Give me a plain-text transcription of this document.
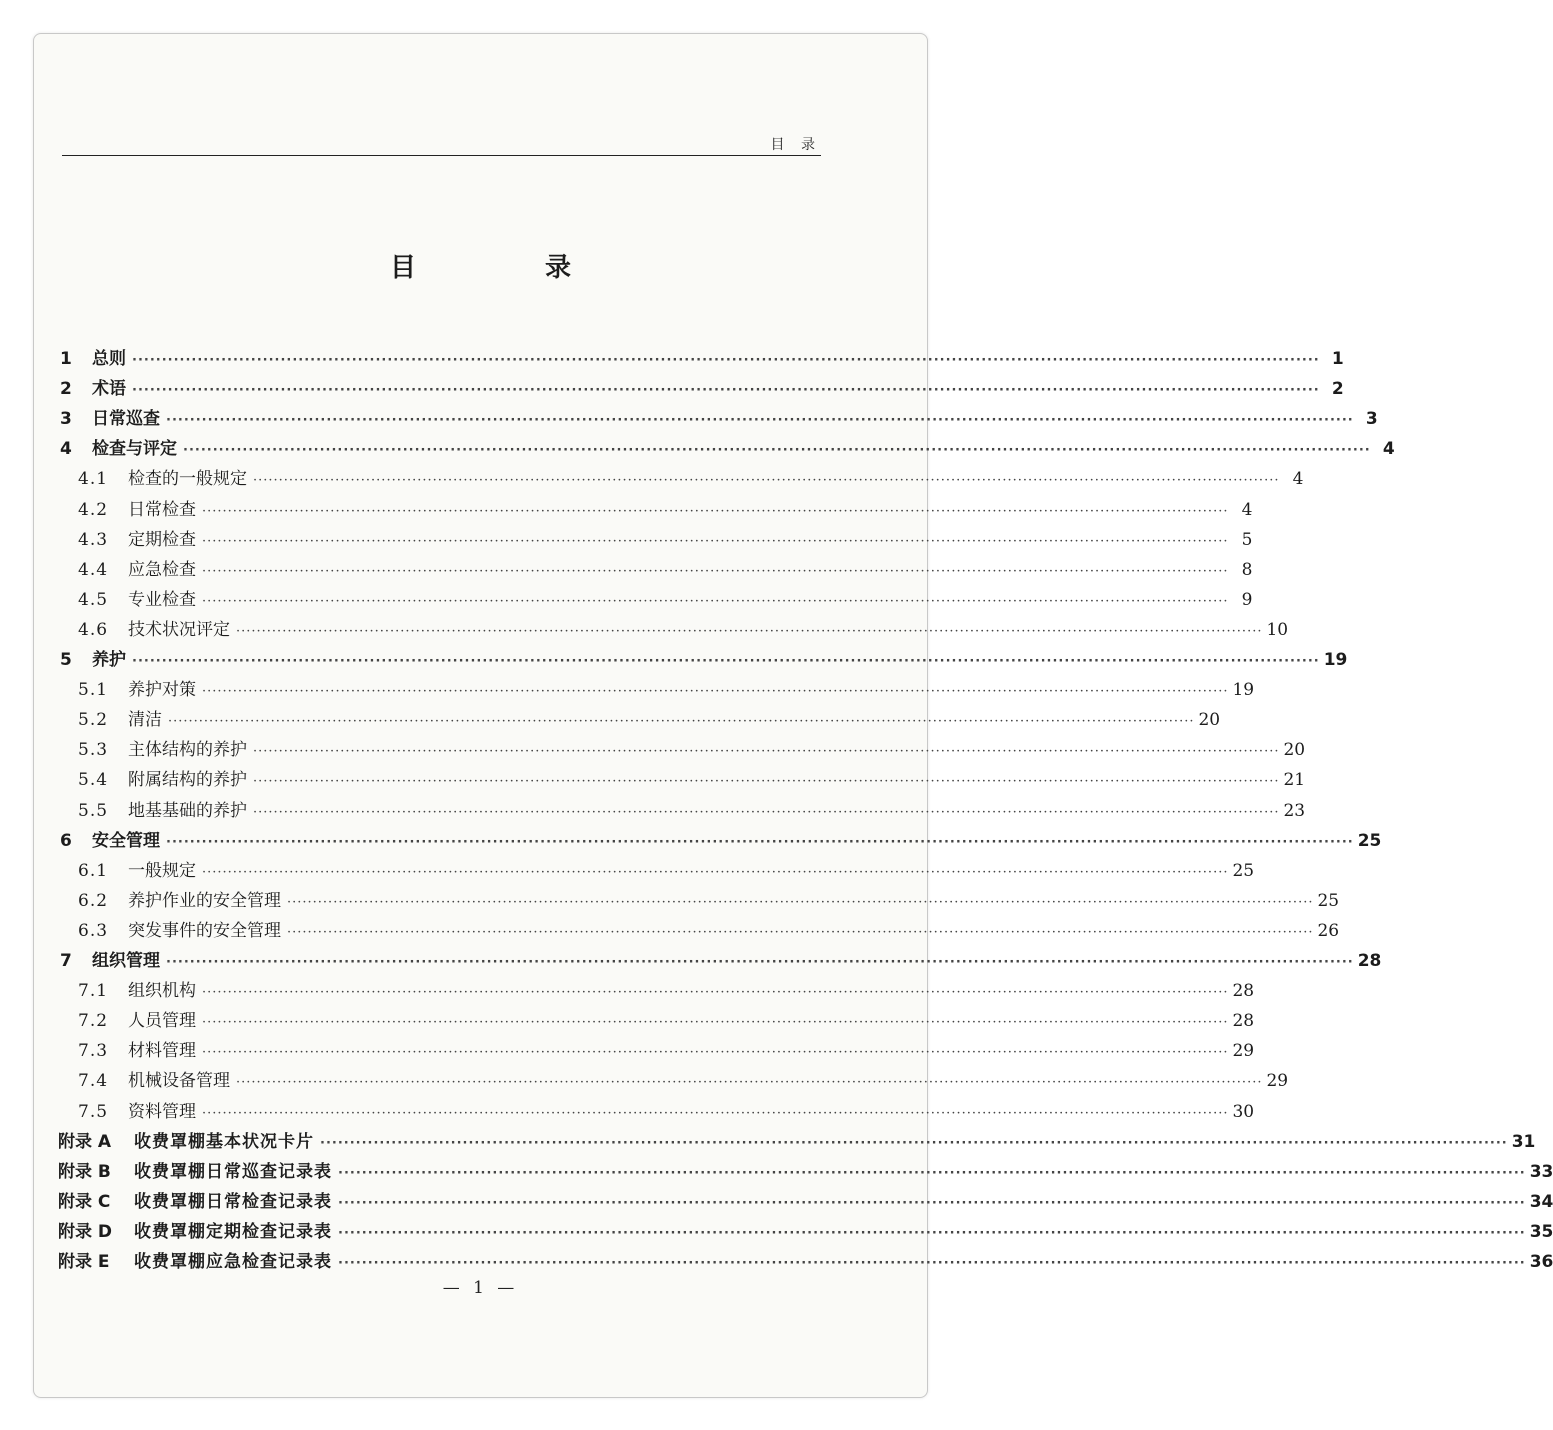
目 录
目 录
1	总则 ········································································································································································································ 1
2	术语 ········································································································································································································ 2
3	日常巡查 ········································································································································································································ 3
4	检查与评定 ········································································································································································································ 4
4.1	检查的一般规定 ········································································································································································································ 4
4.2	日常检查 ········································································································································································································ 4
4.3	定期检查 ········································································································································································································ 5
4.4	应急检查 ········································································································································································································ 8
4.5	专业检查 ········································································································································································································ 9
4.6	技术状况评定 ········································································································································································································ 10
5	养护 ········································································································································································································ 19
5.1	养护对策 ········································································································································································································ 19
5.2	清洁 ········································································································································································································ 20
5.3	主体结构的养护 ········································································································································································································ 20
5.4	附属结构的养护 ········································································································································································································ 21
5.5	地基基础的养护 ········································································································································································································ 23
6	安全管理 ········································································································································································································ 25
6.1	一般规定 ········································································································································································································ 25
6.2	养护作业的安全管理 ········································································································································································································ 25
6.3	突发事件的安全管理 ········································································································································································································ 26
7	组织管理 ········································································································································································································ 28
7.1	组织机构 ········································································································································································································ 28
7.2	人员管理 ········································································································································································································ 28
7.3	材料管理 ········································································································································································································ 29
7.4	机械设备管理 ········································································································································································································ 29
7.5	资料管理 ········································································································································································································ 30
附录 A	收费罩棚基本状况卡片 ········································································································································································································ 31
附录 B	收费罩棚日常巡查记录表 ········································································································································································································ 33
附录 C	收费罩棚日常检查记录表 ········································································································································································································ 34
附录 D	收费罩棚定期检查记录表 ········································································································································································································ 35
附录 E	收费罩棚应急检查记录表 ········································································································································································································ 36
— 1 —
